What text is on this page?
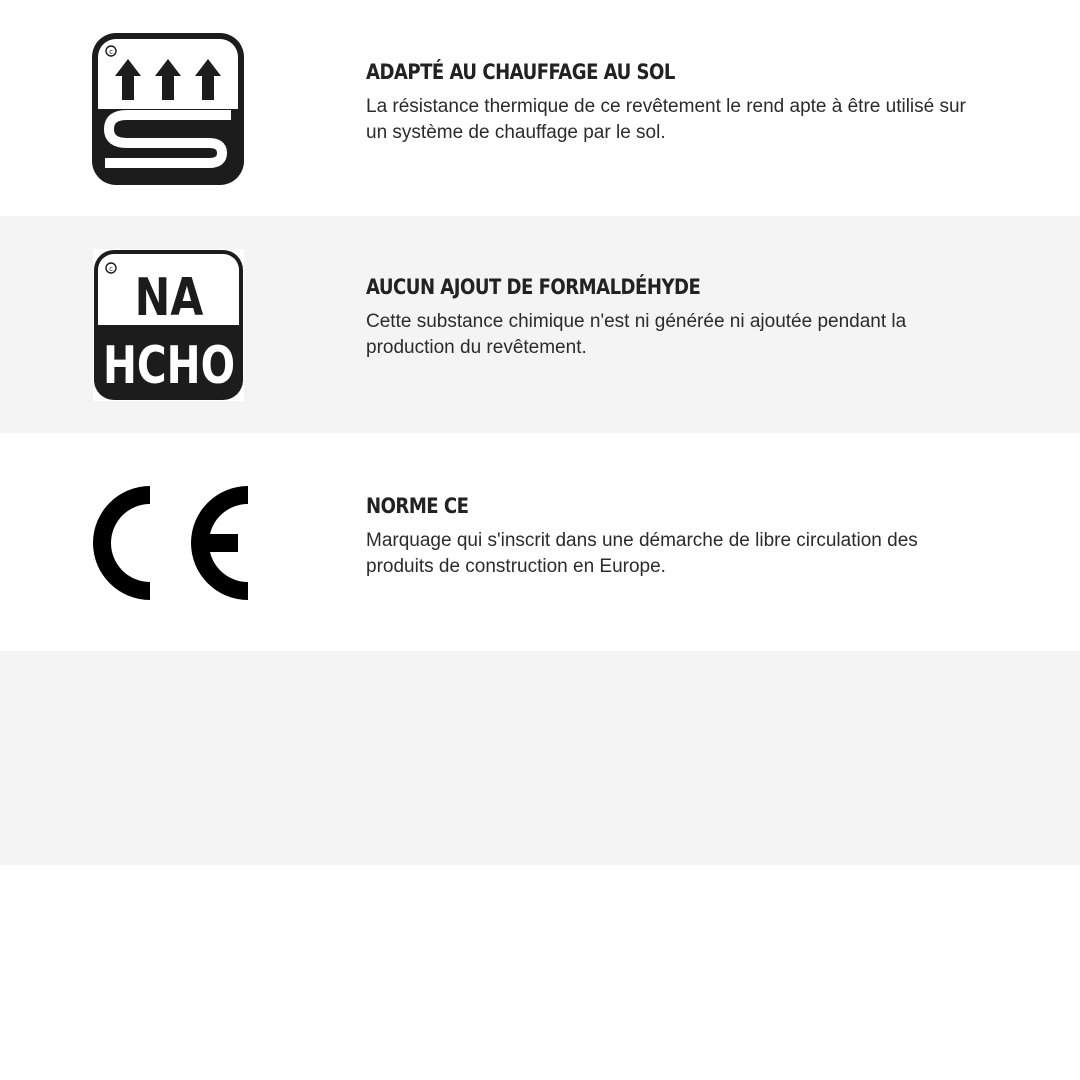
c
ADAPTÉ AU CHAUFFAGE AU SOL

La résistance thermique de ce revêtement le rend apte à être utilisé sur un système de chauffage par le sol.

c NA
HCHO
AUCUN AJOUT DE FORMALDÉHYDE

Cette substance chimique n'est ni générée ni ajoutée pendant la production du revêtement.

NORME CE

Marquage qui s'inscrit dans une démarche de libre circulation des produits de construction en Europe.
